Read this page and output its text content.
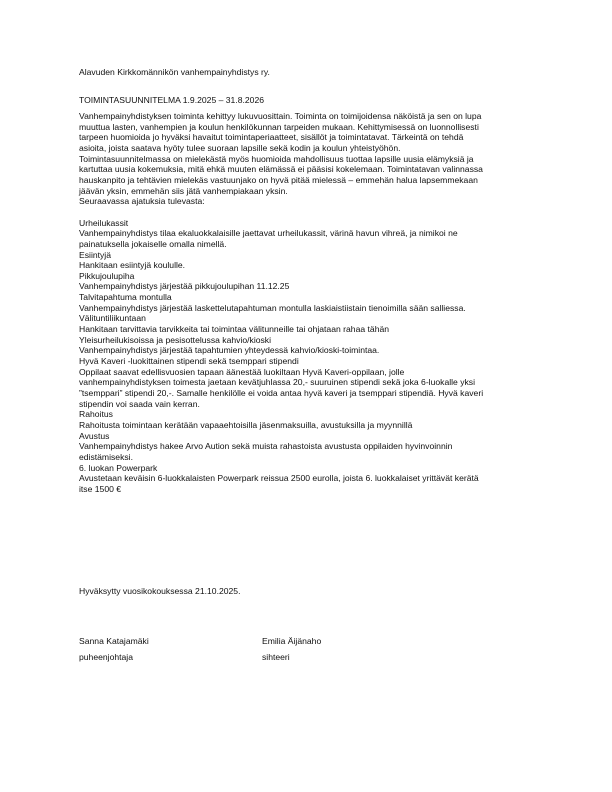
Alavuden Kirkkomännikön vanhempainyhdistys ry.
TOIMINTASUUNNITELMA 1.9.2025 – 31.8.2026

Vanhempainyhdistyksen toiminta kehittyy lukuvuosittain. Toiminta on toimijoidensa näköistä ja sen on lupa

muuttua lasten, vanhempien ja koulun henkilökunnan tarpeiden mukaan. Kehittymisessä on luonnollisesti

tarpeen huomioida jo hyväksi havaitut toimintaperiaatteet, sisällöt ja toimintatavat. Tärkeintä on tehdä

asioita, joista saatava hyöty tulee suoraan lapsille sekä kodin ja koulun yhteistyöhön.

Toimintasuunnitelmassa on mielekästä myös huomioida mahdollisuus tuottaa lapsille uusia elämyksiä ja

kartuttaa uusia kokemuksia, mitä ehkä muuten elämässä ei pääsisi kokelemaan. Toimintatavan valinnassa

hauskanpito ja tehtävien mielekäs vastuunjako on hyvä pitää mielessä – emmehän halua lapsemmekaan

jäävän yksin, emmehän siis jätä vanhempiakaan yksin.

Seuraavassa ajatuksia tulevasta:

Urheilukassit

Vanhempainyhdistys tilaa ekaluokkalaisille jaettavat urheilukassit, värinä havun vihreä, ja nimikoi ne

painatuksella jokaiselle omalla nimellä.

Esiintyjä

Hankitaan esiintyjä koululle.

Pikkujoulupiha

Vanhempainyhdistys järjestää pikkujoulupihan 11.12.25

Talvitapahtuma montulla

Vanhempainyhdistys järjestää laskettelutapahtuman montulla laskiaistiistain tienoimilla sään salliessa.

Välituntiliikuntaan

Hankitaan tarvittavia tarvikkeita tai toimintaa välitunneille tai ohjataan rahaa tähän

Yleisurheilukisoissa ja pesisottelussa kahvio/kioski

Vanhempainyhdistys järjestää tapahtumien yhteydessä kahvio/kioski-toimintaa.

Hyvä Kaveri -luokittainen stipendi sekä tsemppari stipendi

Oppilaat saavat edellisvuosien tapaan äänestää luokiltaan Hyvä Kaveri-oppilaan, jolle

vanhempainyhdistyksen toimesta jaetaan kevätjuhlassa 20,- suuruinen stipendi sekä joka 6-luokalle yksi

”tsemppari” stipendi 20,-. Samalle henkilölle ei voida antaa hyvä kaveri ja tsemppari stipendiä. Hyvä kaveri

stipendin voi saada vain kerran.

Rahoitus

Rahoitusta toimintaan kerätään vapaaehtoisilla jäsenmaksuilla, avustuksilla ja myynnillä

Avustus

Vanhempainyhdistys hakee Arvo Aution sekä muista rahastoista avustusta oppilaiden hyvinvoinnin

edistämiseksi.

6. luokan Powerpark

Avustetaan keväisin 6-luokkalaisten Powerpark reissua 2500 eurolla, joista 6. luokkalaiset yrittävät kerätä

itse 1500 €

Hyväksytty vuosikokouksessa 21.10.2025.
Sanna Katajamäki
puheenjohtaja
Emilia Äijänaho
sihteeri
